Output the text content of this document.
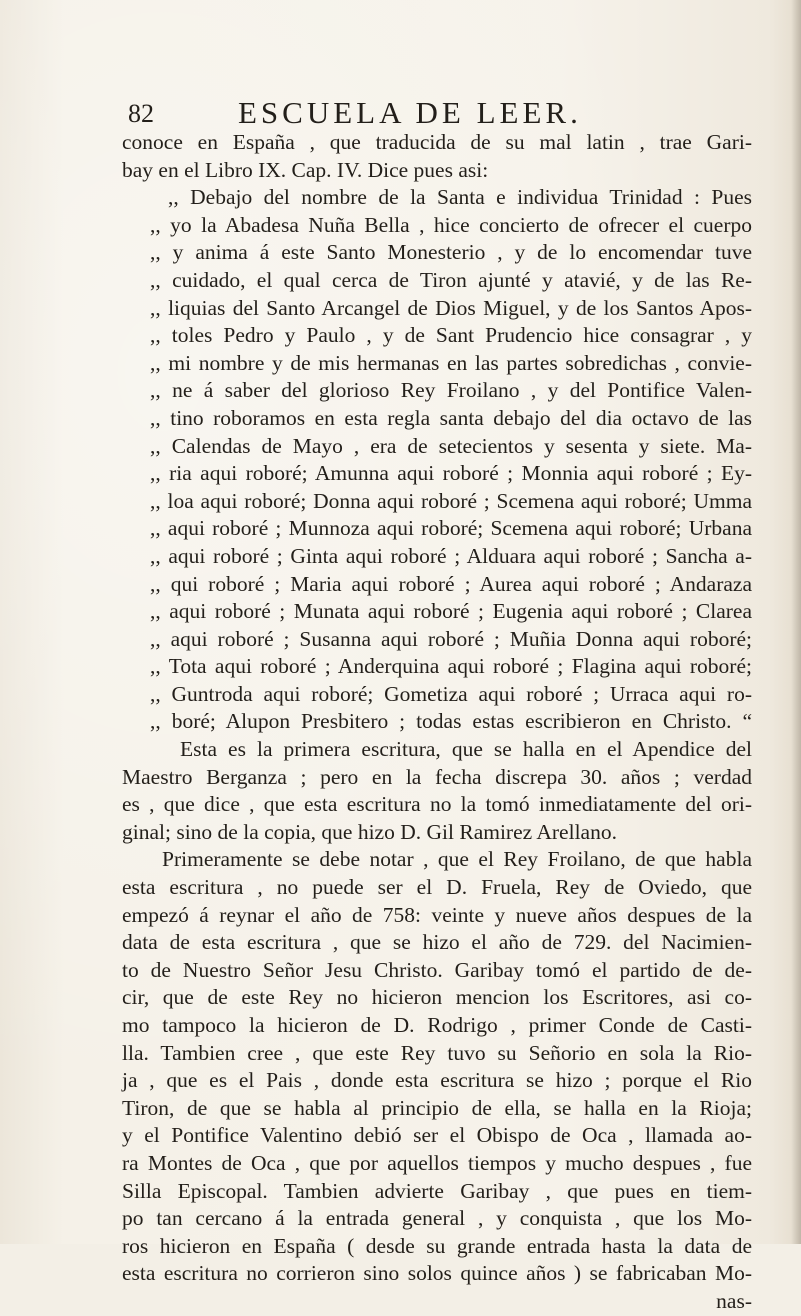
82	ESCUELA DE LEER.
conoce en España , que traducida de su mal latin , trae Gari-
bay en el Libro IX. Cap. IV. Dice pues asi:
,, Debajo del nombre de la Santa e individua Trinidad : Pues
,, yo la Abadesa Nuña Bella , hice concierto de ofrecer el cuerpo
,, y anima á este Santo Monesterio , y de lo encomendar tuve
,, cuidado, el qual cerca de Tiron ajunté y atavié, y de las Re-
,, liquias del Santo Arcangel de Dios Miguel, y de los Santos Apos-
,, toles Pedro y Paulo , y de Sant Prudencio hice consagrar , y
,, mi nombre y de mis hermanas en las partes sobredichas , convie-
,, ne á saber del glorioso Rey Froilano , y del Pontifice Valen-
,, tino roboramos en esta regla santa debajo del dia octavo de las
,, Calendas de Mayo , era de setecientos y sesenta y siete. Ma-
,, ria aqui roboré; Amunna aqui roboré ; Monnia aqui roboré ; Ey-
,, loa aqui roboré; Donna aqui roboré ; Scemena aqui roboré; Umma
,, aqui roboré ; Munnoza aqui roboré; Scemena aqui roboré; Urbana
,, aqui roboré ; Ginta aqui roboré ; Alduara aqui roboré ; Sancha a-
,, qui roboré ; Maria aqui roboré ; Aurea aqui roboré ; Andaraza
,, aqui roboré ; Munata aqui roboré ; Eugenia aqui roboré ; Clarea
,, aqui roboré ; Susanna aqui roboré ; Muñia Donna aqui roboré;
,, Tota aqui roboré ; Anderquina aqui roboré ; Flagina aqui roboré;
,, Guntroda aqui roboré; Gometiza aqui roboré ; Urraca aqui ro-
,, boré; Alupon Presbitero ; todas estas escribieron en Christo. “
Esta es la primera escritura, que se halla en el Apendice del
Maestro Berganza ; pero en la fecha discrepa 30. años ; verdad
es , que dice , que esta escritura no la tomó inmediatamente del ori-
ginal; sino de la copia, que hizo D. Gil Ramirez Arellano.
Primeramente se debe notar , que el Rey Froilano, de que habla
esta escritura , no puede ser el D. Fruela, Rey de Oviedo, que
empezó á reynar el año de 758: veinte y nueve años despues de la
data de esta escritura , que se hizo el año de 729. del Nacimien-
to de Nuestro Señor Jesu Christo. Garibay tomó el partido de de-
cir, que de este Rey no hicieron mencion los Escritores, asi co-
mo tampoco la hicieron de D. Rodrigo , primer Conde de Casti-
lla. Tambien cree , que este Rey tuvo su Señorio en sola la Rio-
ja , que es el Pais , donde esta escritura se hizo ; porque el Rio
Tiron, de que se habla al principio de ella, se halla en la Rioja;
y el Pontifice Valentino debió ser el Obispo de Oca , llamada ao-
ra Montes de Oca , que por aquellos tiempos y mucho despues , fue
Silla Episcopal. Tambien advierte Garibay , que pues en tiem-
po tan cercano á la entrada general , y conquista , que los Mo-
ros hicieron en España ( desde su grande entrada hasta la data de
esta escritura no corrieron sino solos quince años ) se fabricaban Mo-
nas-
